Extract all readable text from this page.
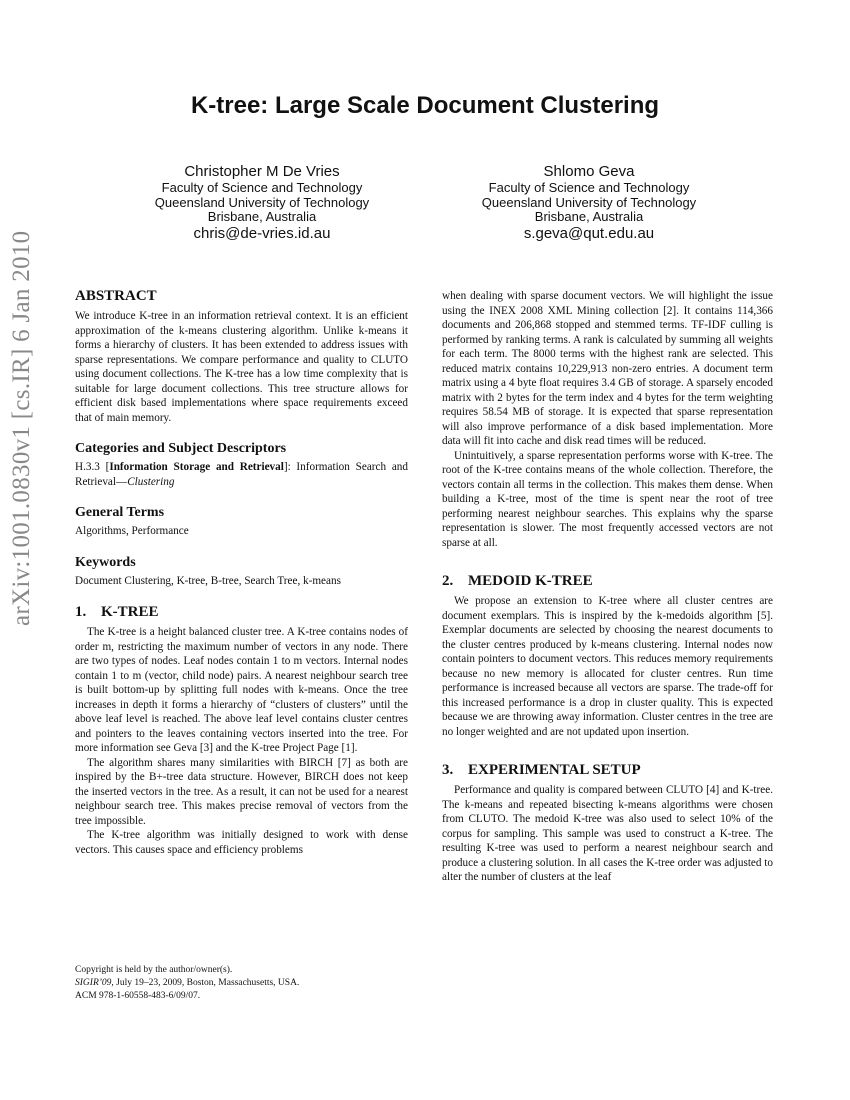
K-tree: Large Scale Document Clustering
Christopher M De Vries
Faculty of Science and Technology
Queensland University of Technology
Brisbane, Australia
chris@de-vries.id.au
Shlomo Geva
Faculty of Science and Technology
Queensland University of Technology
Brisbane, Australia
s.geva@qut.edu.au
arXiv:1001.0830v1 [cs.IR] 6 Jan 2010	ABSTRACT

We introduce K-tree in an information retrieval context. It is an efficient approximation of the k-means clustering algorithm. Unlike k-means it forms a hierarchy of clusters. It has been extended to address issues with sparse representations. We compare performance and quality to CLUTO using document collections. The K-tree has a low time complexity that is suitable for large document collections. This tree structure allows for efficient disk based implementations where space requirements exceed that of main memory.

Categories and Subject Descriptors

H.3.3 [Information Storage and Retrieval]: Information Search and Retrieval—Clustering

General Terms

Algorithms, Performance

Keywords

Document Clustering, K-tree, B-tree, Search Tree, k-means

1. K-TREE

The K-tree is a height balanced cluster tree. A K-tree contains nodes of order m, restricting the maximum number of vectors in any node. There are two types of nodes. Leaf nodes contain 1 to m vectors. Internal nodes contain 1 to m (vector, child node) pairs. A nearest neighbour search tree is built bottom-up by splitting full nodes with k-means. Once the tree increases in depth it forms a hierarchy of “clusters of clusters” until the above leaf level is reached. The above leaf level contains cluster centres and pointers to the leaves containing vectors inserted into the tree. For more information see Geva [3] and the K-tree Project Page [1].

The algorithm shares many similarities with BIRCH [7] as both are inspired by the B+-tree data structure. However, BIRCH does not keep the inserted vectors in the tree. As a result, it can not be used for a nearest neighbour search tree. This makes precise removal of vectors from the tree impossible.

The K-tree algorithm was initially designed to work with dense vectors. This causes space and efficiency problems

when dealing with sparse document vectors. We will highlight the issue using the INEX 2008 XML Mining collection [2]. It contains 114,366 documents and 206,868 stopped and stemmed terms. TF-IDF culling is performed by ranking terms. A rank is calculated by summing all weights for each term. The 8000 terms with the highest rank are selected. This reduced matrix contains 10,229,913 non-zero entries. A document term matrix using a 4 byte float requires 3.4 GB of storage. A sparsely encoded matrix with 2 bytes for the term index and 4 bytes for the term weighting requires 58.54 MB of storage. It is expected that sparse representation will also improve performance of a disk based implementation. More data will fit into cache and disk read times will be reduced.

Unintuitively, a sparse representation performs worse with K-tree. The root of the K-tree contains means of the whole collection. Therefore, the vectors contain all terms in the collection. This makes them dense. When building a K-tree, most of the time is spent near the root of tree performing nearest neighbour searches. This explains why the sparse representation is slower. The most frequently accessed vectors are not sparse at all.

2. MEDOID K-TREE

We propose an extension to K-tree where all cluster centres are document exemplars. This is inspired by the k-medoids algorithm [5]. Exemplar documents are selected by choosing the nearest documents to the cluster centres produced by k-means clustering. Internal nodes now contain pointers to document vectors. This reduces memory requirements because no new memory is allocated for cluster centres. Run time performance is increased because all vectors are sparse. The trade-off for this increased performance is a drop in cluster quality. This is expected because we are throwing away information. Cluster centres in the tree are no longer weighted and are not updated upon insertion.

3. EXPERIMENTAL SETUP

Performance and quality is compared between CLUTO [4] and K-tree. The k-means and repeated bisecting k-means algorithms were chosen from CLUTO. The medoid K-tree was also used to select 10% of the corpus for sampling. This sample was used to construct a K-tree. The resulting K-tree was used to perform a nearest neighbour search and produce a clustering solution. In all cases the K-tree order was adjusted to alter the number of clusters at the leaf

Copyright is held by the author/owner(s).
SIGIR’09, July 19–23, 2009, Boston, Massachusetts, USA.
ACM 978-1-60558-483-6/09/07.
